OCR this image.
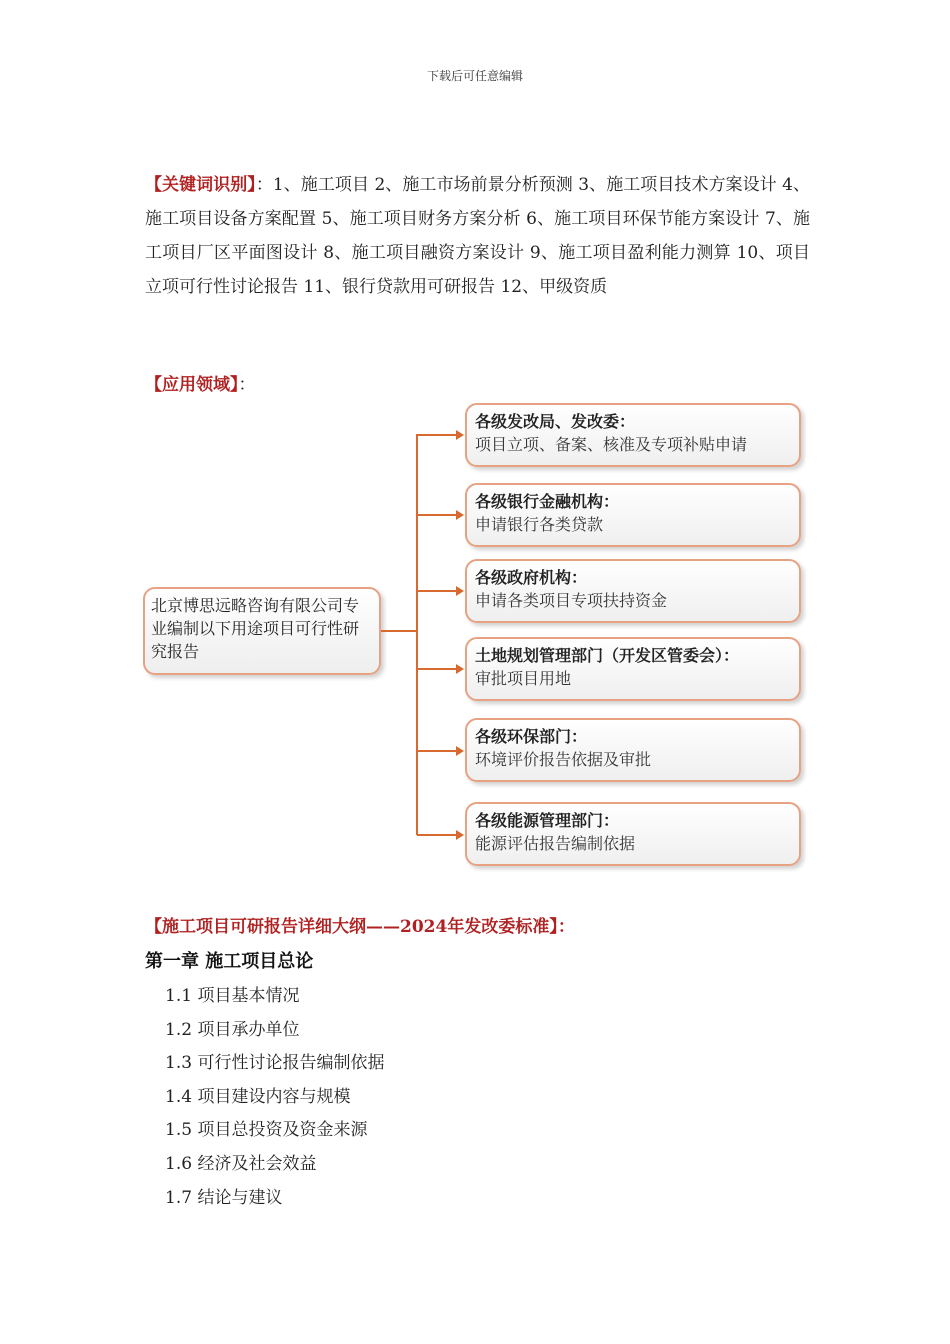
下载后可任意编辑
【关键词识别】：1、施工项目 2、施工市场前景分析预测 3、施工项目技术方案设计 4、施工项目设备方案配置 5、施工项目财务方案分析 6、施工项目环保节能方案设计 7、施工项目厂区平面图设计 8、施工项目融资方案设计 9、施工项目盈利能力测算 10、项目立项可行性讨论报告 11、银行贷款用可研报告 12、甲级资质
【应用领域】：
北京博思远略咨询有限公司专业编制以下用途项目可行性研究报告
各级发改局、发改委：
项目立项、备案、核准及专项补贴申请
各级银行金融机构：
申请银行各类贷款
各级政府机构：
申请各类项目专项扶持资金
土地规划管理部门（开发区管委会）：
审批项目用地
各级环保部门：
环境评价报告依据及审批
各级能源管理部门：
能源评估报告编制依据
【施工项目可研报告详细大纲——2024年发改委标准】：
第一章 施工项目总论
1.1 项目基本情况
1.2 项目承办单位
1.3 可行性讨论报告编制依据
1.4 项目建设内容与规模
1.5 项目总投资及资金来源
1.6 经济及社会效益
1.7 结论与建议
